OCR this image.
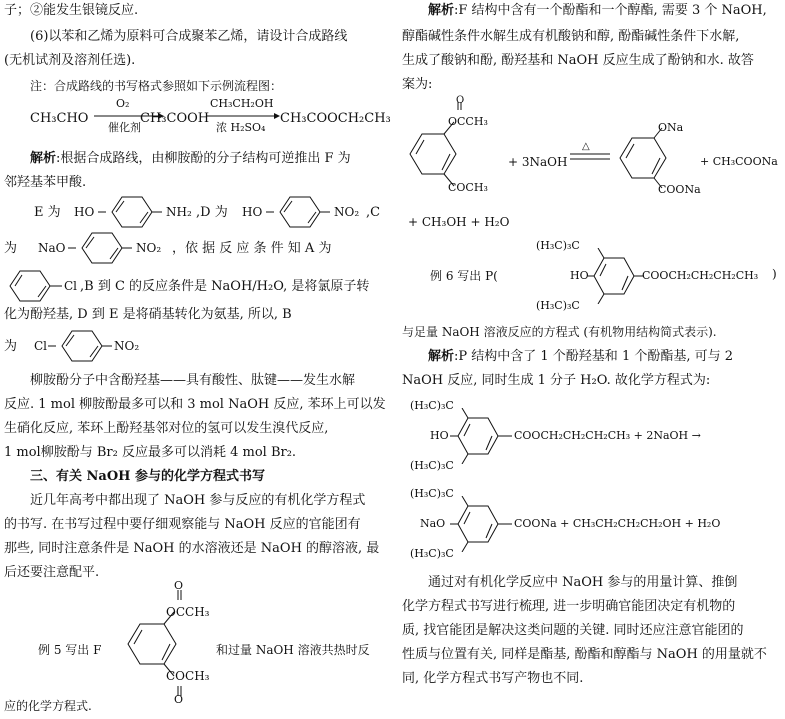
子；②能发生银镜反应.
(6)以苯和乙烯为原料可合成聚苯乙烯，请设计合成路线
(无机试剂及溶剂任选).
注：合成路线的书写格式参照如下示例流程图：
CH₃CHO
O₂
催化剂
CH₃COOH
CH₃CH₂OH
浓 H₂SO₄
CH₃COOCH₂CH₃
解析:根据合成路线，由柳胺酚的分子结构可逆推出 F 为
邻羟基苯甲酸.
E 为 HO	NH₂ ,D 为 HO	NO₂ ,C
为 NaO	NO₂ ，依 据 反 应 条 件 知 A 为
Cl ,B 到 C 的反应条件是 NaOH/H₂O, 是将氯原子转
化为酚羟基, D 到 E 是将硝基转化为氨基, 所以, B
为 Cl	NO₂
柳胺酚分子中含酚羟基——具有酸性、肽键——发生水解
反应. 1 mol 柳胺酚最多可以和 3 mol NaOH 反应, 苯环上可以发
生硝化反应, 苯环上酚羟基邻对位的氢可以发生溴代反应,
1 mol柳胺酚与 Br₂ 反应最多可以消耗 4 mol Br₂.
三、有关 NaOH 参与的化学方程式书写
近几年高考中都出现了 NaOH 参与反应的有机化学方程式
的书写. 在书写过程中要仔细观察能与 NaOH 反应的官能团有
那些, 同时注意条件是 NaOH 的水溶液还是 NaOH 的醇溶液, 最
后还要注意配平.
例 5 写出 F
O
OCCH₃
COCH₃
O
和过量 NaOH 溶液共热时反
应的化学方程式.
解析:F 结构中含有一个酚酯和一个醇酯, 需要 3 个 NaOH,
醇酯碱性条件水解生成有机酸钠和醇, 酚酯碱性条件下水解,
生成了酸钠和酚, 酚羟基和 NaOH 反应生成了酚钠和水. 故答
案为:
O
OCCH₃
COCH₃
+ 3NaOH
△
ONa
COONa
+ CH₃COONa
+ CH₃OH + H₂O
(H₃C)₃C
例 6 写出 P(	HO	COOCH₂CH₂CH₂CH₃ )
(H₃C)₃C
与足量 NaOH 溶液反应的方程式 (有机物用结构简式表示).
解析:P 结构中含了 1 个酚羟基和 1 个酚酯基, 可与 2
NaOH 反应, 同时生成 1 分子 H₂O. 故化学方程式为:
(H₃C)₃C
HO	COOCH₂CH₂CH₂CH₃ + 2NaOH →
(H₃C)₃C
(H₃C)₃C
NaO	COONa + CH₃CH₂CH₂CH₂OH + H₂O
(H₃C)₃C
通过对有机化学反应中 NaOH 参与的用量计算、推倒
化学方程式书写进行梳理, 进一步明确官能团决定有机物的
质, 找官能团是解决这类问题的关键. 同时还应注意官能团的
性质与位置有关, 同样是酯基, 酚酯和醇酯与 NaOH 的用量就不
同, 化学方程式书写产物也不同.
